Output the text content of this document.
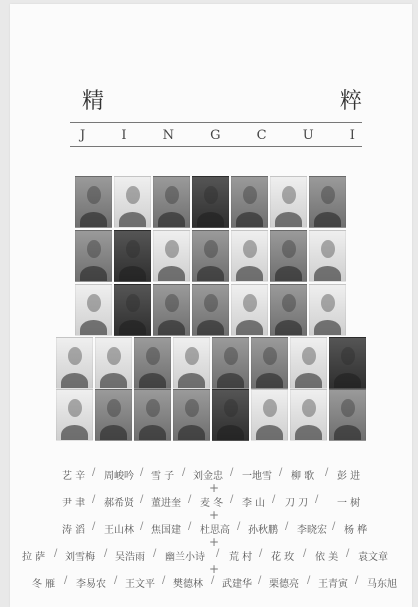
精	粹
J	I	N	G	C	U	I
艺 辛 / 周峻吟 / 雪 子 / 刘金忠 / 一地雪 / 柳 歌 / 彭 进
+
尹 聿 / 郝希贤 / 董进奎 / 麦 冬 / 李 山 / 刀 刀 / 一 树
+
涛 滔 / 王山林 / 焦国建 / 杜思高 / 孙秋鹏 / 李晓宏 / 杨 桦
+
拉 萨 / 刘雪梅 / 吴浩雨 / 幽兰小诗 / 荒 村 / 花 玫 / 依 美 / 袁文章
+
冬 雁 / 李易农 / 王文平 / 樊德林 / 武建华 / 栗德亮 / 王青寅 / 马东旭
